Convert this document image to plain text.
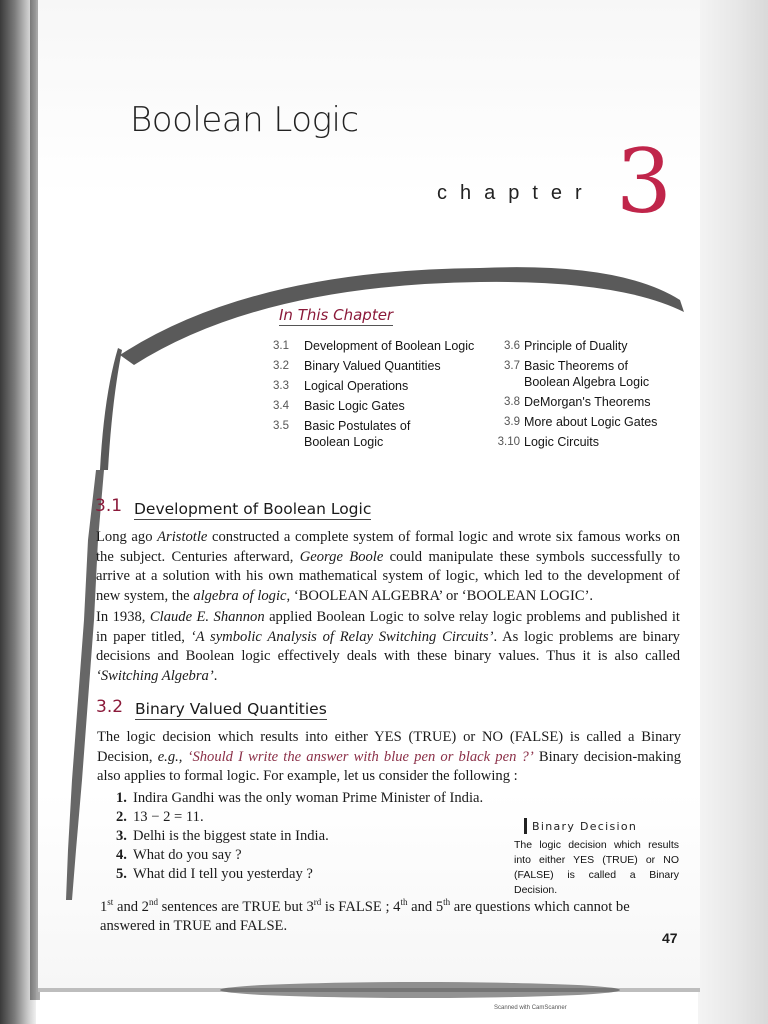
Boolean Logic
chapter 3
In This Chapter
3.1	Development of Boolean Logic
3.2	Binary Valued Quantities
3.3	Logical Operations
3.4	Basic Logic Gates
3.5	Basic Postulates of
Boolean Logic
3.6 Principle of Duality
3.7 Basic Theorems of
Boolean Algebra Logic
3.8 DeMorgan's Theorems
3.9 More about Logic Gates
3.10 Logic Circuits
3.1 Development of Boolean Logic
Long ago Aristotle constructed a complete system of formal logic and wrote six famous works on the subject. Centuries afterward, George Boole could manipulate these symbols successfully to arrive at a solution with his own mathematical system of logic, which led to the development of new system, the algebra of logic, ‘BOOLEAN ALGEBRA’ or ‘BOOLEAN LOGIC’.
In 1938, Claude E. Shannon applied Boolean Logic to solve relay logic problems and published it in paper titled, ‘A symbolic Analysis of Relay Switching Circuits’. As logic problems are binary decisions and Boolean logic effectively deals with these binary values. Thus it is also called ‘Switching Algebra’.
3.2 Binary Valued Quantities
The logic decision which results into either YES (TRUE) or NO (FALSE) is called a Binary Decision, e.g., ‘Should I write the answer with blue pen or black pen ?’ Binary decision-making also applies to formal logic. For example, let us consider the following :
1. Indira Gandhi was the only woman Prime Minister of India.
2. 13 − 2 = 11.
3. Delhi is the biggest state in India.
4. What do you say ?
5. What did I tell you yesterday ?
Binary Decision
The logic decision which results into either YES (TRUE) or NO (FALSE) is called a Binary Decision.
1st and 2nd sentences are TRUE but 3rd is FALSE ; 4th and 5th are questions which cannot be
answered in TRUE and FALSE.
47
Scanned with CamScanner
